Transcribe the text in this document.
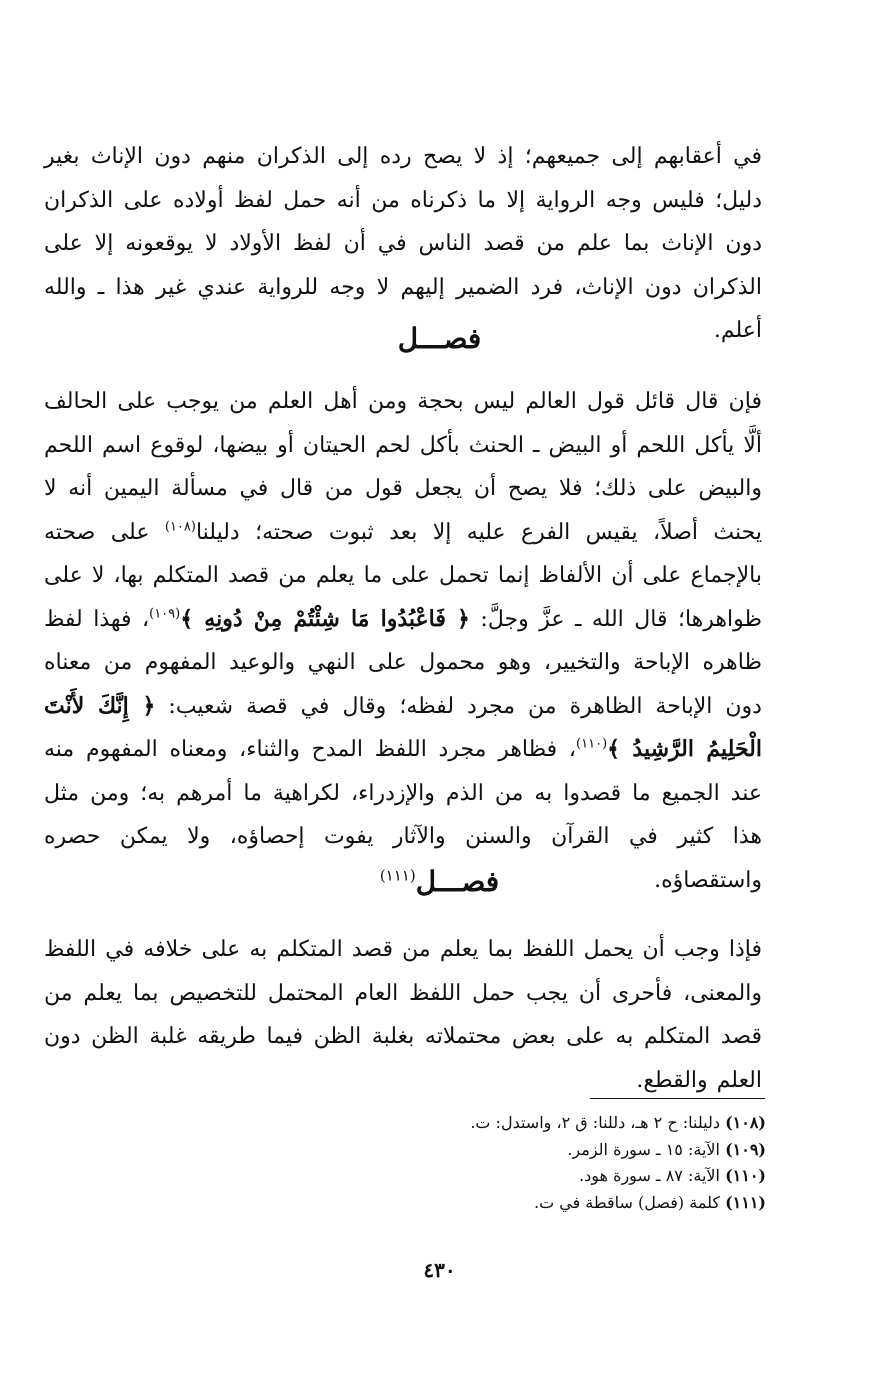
في أعقابهم إلى جميعهم؛ إذ لا يصح رده إلى الذكران منهم دون الإناث بغير دليل؛ فليس وجه الرواية إلا ما ذكرناه من أنه حمل لفظ أولاده على الذكران دون الإناث بما علم من قصد الناس في أن لفظ الأولاد لا يوقعونه إلا على الذكران دون الإناث، فرد الضمير إليهم لا وجه للرواية عندي غير هذا ـ والله أعلم.

فصـــل

فإن قال قائل قول العالم ليس بحجة ومن أهل العلم من يوجب على الحالف ألَّا يأكل اللحم أو البيض ـ الحنث بأكل لحم الحيتان أو بيضها، لوقوع اسم اللحم والبيض على ذلك؛ فلا يصح أن يجعل قول من قال في مسألة اليمين أنه لا يحنث أصلاً، يقيس الفرع عليه إلا بعد ثبوت صحته؛ دليلنا$^{(١٠٨)}$ على صحته بالإجماع على أن الألفاظ إنما تحمل على ما يعلم من قصد المتكلم بها، لا على ظواهرها؛ قال الله ـ عزَّ وجلَّ: ﴿ فَاعْبُدُوا مَا شِئْتُمْ مِنْ دُونِهِ ﴾$^{(١٠٩)}$، فهذا لفظ ظاهره الإباحة والتخيير، وهو محمول على النهي والوعيد المفهوم من معناه دون الإباحة الظاهرة من مجرد لفظه؛ وقال في قصة شعيب: ﴿ إِنَّكَ لأَنْتَ الْحَلِيمُ الرَّشِيدُ ﴾$^{(١١٠)}$، فظاهر مجرد اللفظ المدح والثناء، ومعناه المفهوم منه عند الجميع ما قصدوا به من الذم والإزدراء، لكراهية ما أمرهم به؛ ومن مثل هذا كثير في القرآن والسنن والآثار يفوت إحصاؤه، ولا يمكن حصره واستقصاؤه.

فصـــل$^{(١١١)}$

فإذا وجب أن يحمل اللفظ بما يعلم من قصد المتكلم به على خلافه في اللفظ والمعنى، فأحرى أن يجب حمل اللفظ العام المحتمل للتخصيص بما يعلم من قصد المتكلم به على بعض محتملاته بغلبة الظن فيما طريقه غلبة الظن دون العلم والقطع.

(١٠٨) دليلنا: ح ٢ هـ، دللنا: ق ٢، واستدل: ت.
(١٠٩) الآية: ١٥ ـ سورة الزمر.
(١١٠) الآية: ٨٧ ـ سورة هود.
(١١١) كلمة (فصل) ساقطة في ت.
٤٣٠
